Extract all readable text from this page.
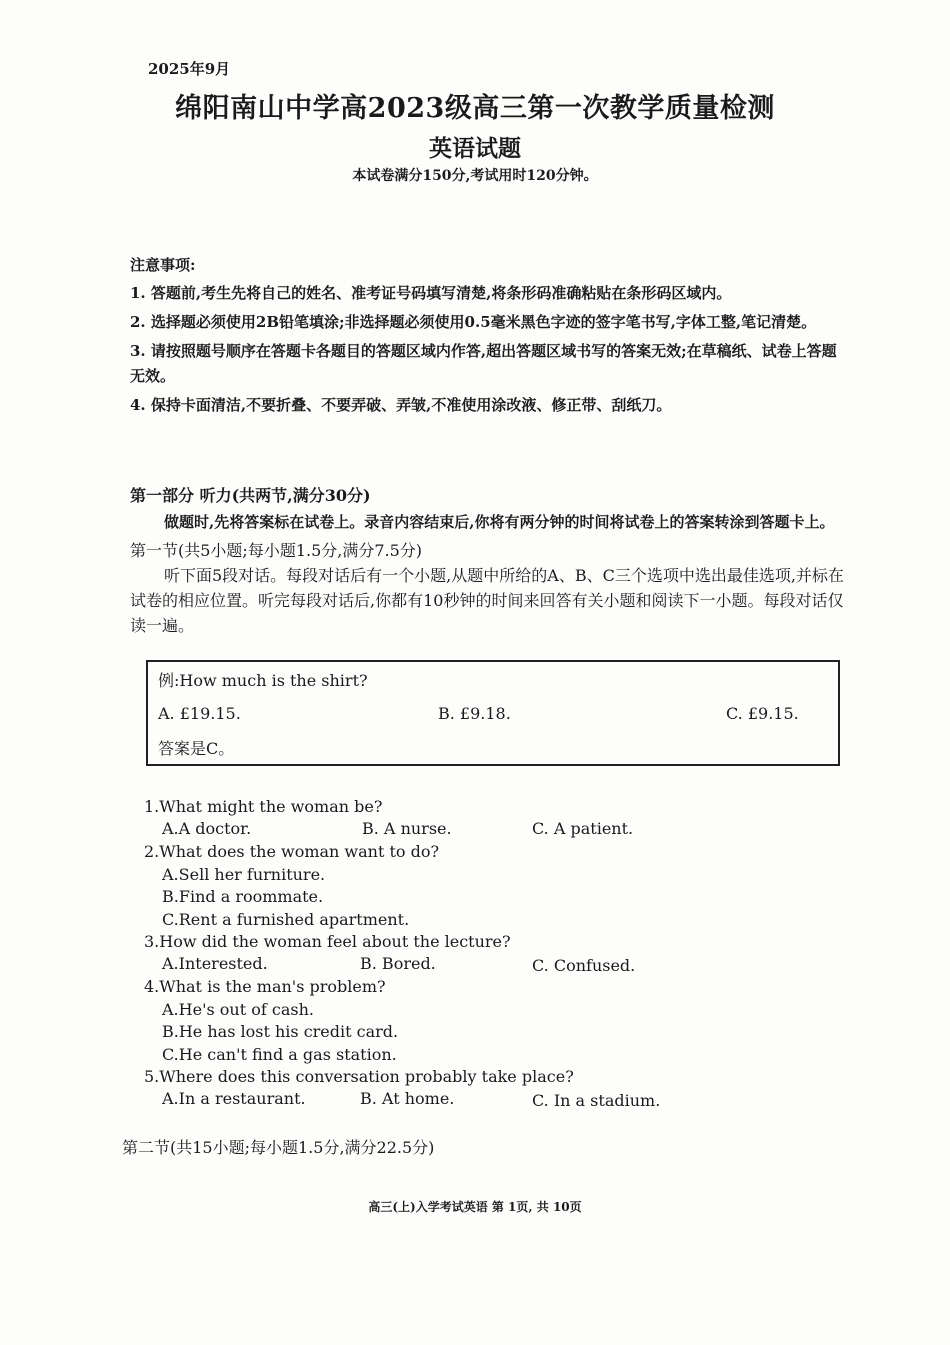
2025年9月
绵阳南山中学高2023级高三第一次教学质量检测
英语试题
本试卷满分150分,考试用时120分钟。
注意事项:
1. 答题前,考生先将自己的姓名、准考证号码填写清楚,将条形码准确粘贴在条形码区域内。
2. 选择题必须使用2B铅笔填涂;非选择题必须使用0.5毫米黑色字迹的签字笔书写,字体工整,笔记清楚。
3. 请按照题号顺序在答题卡各题目的答题区域内作答,超出答题区域书写的答案无效;在草稿纸、试卷上答题无效。
4. 保持卡面清洁,不要折叠、不要弄破、弄皱,不准使用涂改液、修正带、刮纸刀。
第一部分 听力(共两节,满分30分)
做题时,先将答案标在试卷上。录音内容结束后,你将有两分钟的时间将试卷上的答案转涂到答题卡上。
第一节(共5小题;每小题1.5分,满分7.5分)
听下面5段对话。每段对话后有一个小题,从题中所给的A、B、C三个选项中选出最佳选项,并标在试卷的相应位置。听完每段对话后,你都有10秒钟的时间来回答有关小题和阅读下一小题。每段对话仅读一遍。
例:How much is the shirt?
A. £19.15.	B. £9.18.	C. £9.15.
答案是C。
1.What might the woman be?
A.A doctor.	B. A nurse.	C. A patient.
2.What does the woman want to do?
A.Sell her furniture.
B.Find a roommate.
C.Rent a furnished apartment.
3.How did the woman feel about the lecture?
A.Interested.	B. Bored.	C. Confused.
4.What is the man's problem?
A.He's out of cash.
B.He has lost his credit card.
C.He can't find a gas station.
5.Where does this conversation probably take place?
A.In a restaurant.	B. At home.	C. In a stadium.
第二节(共15小题;每小题1.5分,满分22.5分)
高三(上)入学考试英语 第 1页, 共 10页
